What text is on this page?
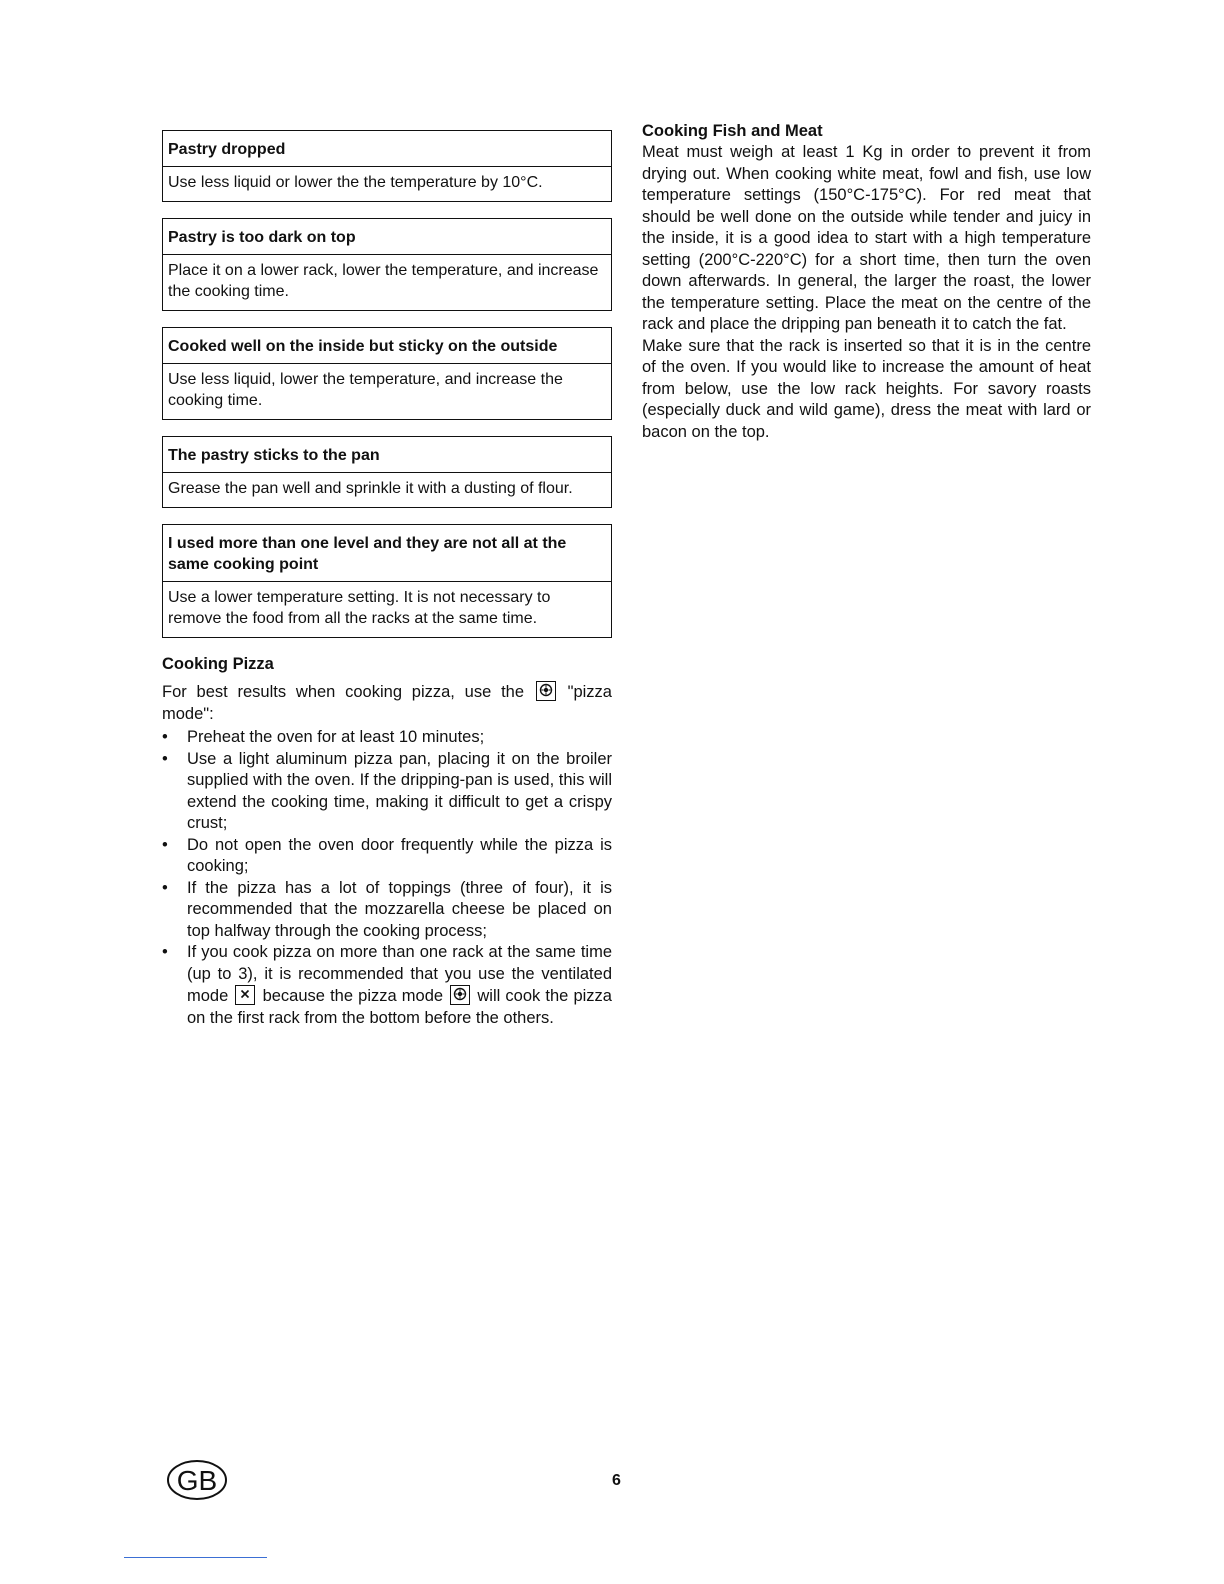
Pastry dropped
Use less liquid or lower the the temperature by 10°C.
Pastry is too dark on top
Place it on a lower rack, lower the temperature, and increase the cooking time.
Cooked well on the inside but sticky on the outside
Use less liquid, lower the temperature, and increase the cooking time.
The pastry sticks to the pan
Grease the pan well and sprinkle it with a dusting of flour.
I used more than one level and they are not all at the same cooking point
Use a lower temperature setting. It is not necessary to remove the food from all the racks at the same time.
Cooking Pizza

For best results when cooking pizza, use the	"pizza mode":

• Preheat the oven for at least 10 minutes;
• Use a light aluminum pizza pan, placing it on the broiler supplied with the oven. If the dripping-pan is used, this will extend the cooking time, making it difficult to get a crispy crust;
• Do not open the oven door frequently while the pizza is cooking;
• If the pizza has a lot of toppings (three of four), it is recommended that the mozzarella cheese be placed on top halfway through the cooking process;
• If you cook pizza on more than one rack at the same time (up to 3), it is recommended that you use the ventilated mode because the pizza mode will cook the pizza on the first rack from the bottom before the others.
Cooking Fish and Meat

Meat must weigh at least 1 Kg in order to prevent it from drying out. When cooking white meat, fowl and fish, use low temperature settings (150°C-175°C). For red meat that should be well done on the outside while tender and juicy in the inside, it is a good idea to start with a high temperature setting (200°C-220°C) for a short time, then turn the oven down afterwards. In general, the larger the roast, the lower the temperature setting. Place the meat on the centre of the rack and place the dripping pan beneath it to catch the fat.

Make sure that the rack is inserted so that it is in the centre of the oven. If you would like to increase the amount of heat from below, use the low rack heights. For savory roasts (especially duck and wild game), dress the meat with lard or bacon on the top.

GB	6
